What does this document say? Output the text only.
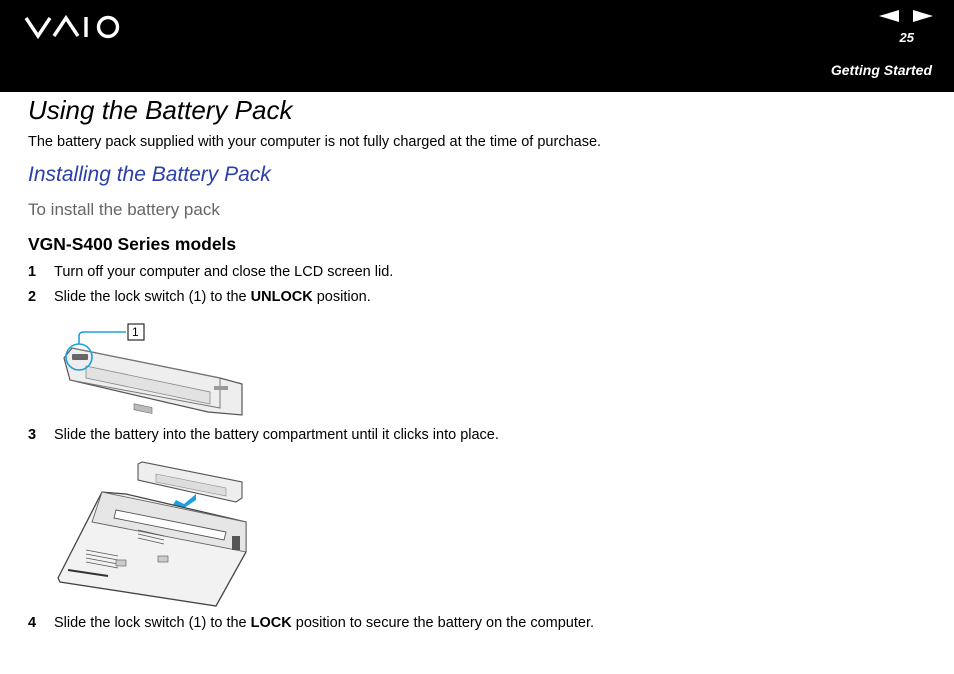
25
Getting Started
Using the Battery Pack

The battery pack supplied with your computer is not fully charged at the time of purchase.

Installing the Battery Pack

To install the battery pack

VGN-S400 Series models
1 Turn off your computer and close the LCD screen lid.
2 Slide the lock switch (1) to the UNLOCK position.
1
3 Slide the battery into the battery compartment until it clicks into place.
4 Slide the lock switch (1) to the LOCK position to secure the battery on the computer.
